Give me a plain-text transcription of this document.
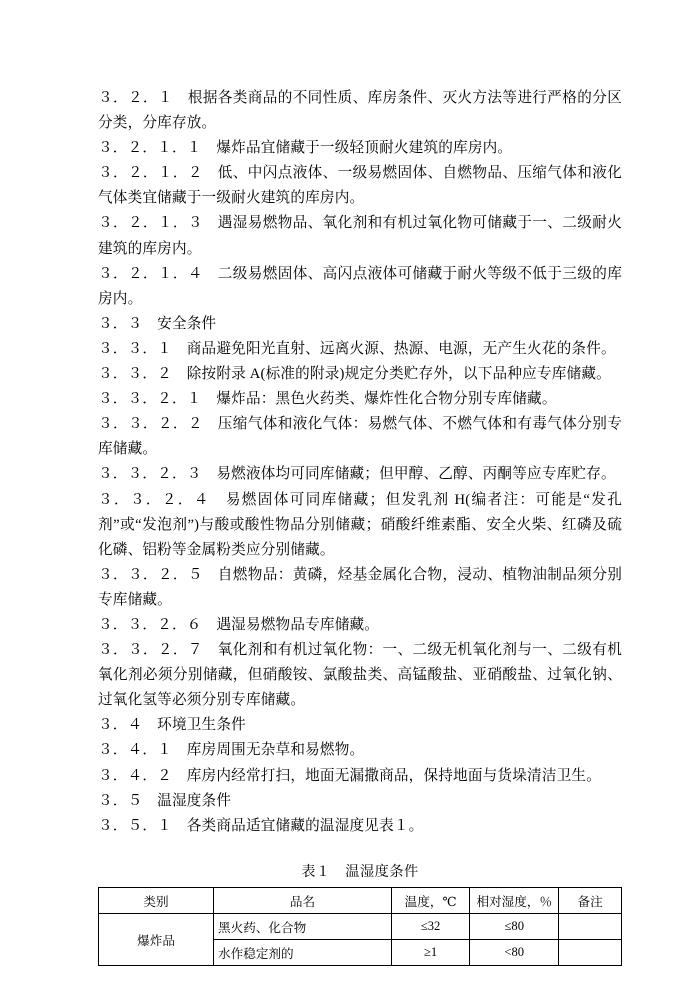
３．２．１　根据各类商品的不同性质、库房条件、灭火方法等进行严格的分区分类，分库存放。

３．２．１．１　爆炸品宜储藏于一级轻顶耐火建筑的库房内。

３．２．１．２　低、中闪点液体、一级易燃固体、自燃物品、压缩气体和液化气体类宜储藏于一级耐火建筑的库房内。

３．２．１．３　遇湿易燃物品、氧化剂和有机过氧化物可储藏于一、二级耐火建筑的库房内。

３．２．１．４　二级易燃固体、高闪点液体可储藏于耐火等级不低于三级的库房内。

３．３　安全条件

３．３．１　商品避免阳光直射、远离火源、热源、电源，无产生火花的条件。

３．３．２　除按附录 A(标准的附录)规定分类贮存外，以下品种应专库储藏。

３．３．２．１　爆炸品：黑色火药类、爆炸性化合物分别专库储藏。

３．３．２．２　压缩气体和液化气体：易燃气体、不燃气体和有毒气体分别专库储藏。

３．３．２．３　易燃液体均可同库储藏；但甲醇、乙醇、丙酮等应专库贮存。

３．３．２．４　易燃固体可同库储藏；但发乳剂 H(编者注：可能是“发孔剂”或“发泡剂”)与酸或酸性物品分别储藏；硝酸纤维素酯、安全火柴、红磷及硫化磷、铝粉等金属粉类应分别储藏。

３．３．２．５　自燃物品：黄磷，烃基金属化合物，浸动、植物油制品须分别专库储藏。

３．３．２．６　遇湿易燃物品专库储藏。

３．３．２．７　氧化剂和有机过氧化物：一、二级无机氧化剂与一、二级有机氧化剂必须分别储藏，但硝酸铵、氯酸盐类、高锰酸盐、亚硝酸盐、过氧化钠、过氧化氢等必须分别专库储藏。

３．４　环境卫生条件

３．４．１　库房周围无杂草和易燃物。

３．４．２　库房内经常打扫，地面无漏撒商品，保持地面与货垛清洁卫生。

３．５　温湿度条件

３．５．１　各类商品适宜储藏的温湿度见表１。

表１　温湿度条件
类别	品名	温度，℃	相对湿度，％	备注
爆炸品	黑火药、化合物	≤32	≤80	
	水作稳定剂的	≥1	<80	
